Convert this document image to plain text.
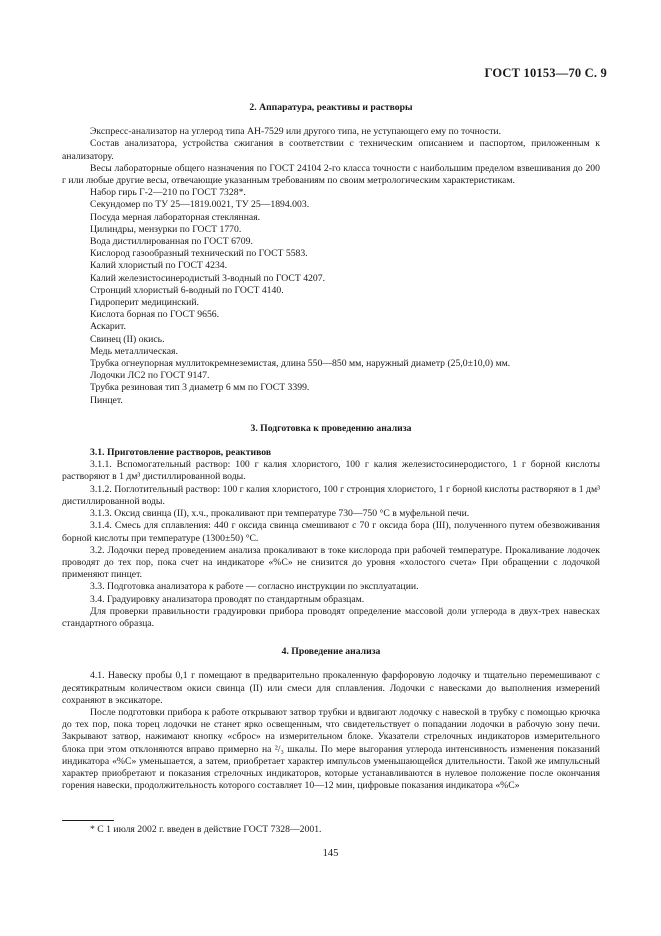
ГОСТ 10153—70 С. 9
2. Аппаратура, реактивы и растворы

Экспресс-анализатор на углерод типа АН-7529 или другого типа, не уступающего ему по точности.

Состав анализатора, устройства сжигания в соответствии с техническим описанием и паспортом, приложенным к анализатору.

Весы лабораторные общего назначения по ГОСТ 24104 2-го класса точности с наибольшим пределом взвешивания до 200 г или любые другие весы, отвечающие указанным требованиям по своим метрологическим характеристикам.

Набор гирь Г-2—210 по ГОСТ 7328*.

Секундомер по ТУ 25—1819.0021, ТУ 25—1894.003.

Посуда мерная лабораторная стеклянная.

Цилиндры, мензурки по ГОСТ 1770.

Вода дистиллированная по ГОСТ 6709.

Кислород газообразный технический по ГОСТ 5583.

Калий хлористый по ГОСТ 4234.

Калий железистосинеродистый 3-водный по ГОСТ 4207.

Стронций хлористый 6-водный по ГОСТ 4140.

Гидроперит медицинский.

Кислота борная по ГОСТ 9656.

Аскарит.

Свинец (II) окись.

Медь металлическая.

Трубка огнеупорная муллитокремнеземистая, длина 550—850 мм, наружный диаметр (25,0±10,0) мм.

Лодочки ЛС2 по ГОСТ 9147.

Трубка резиновая тип 3 диаметр 6 мм по ГОСТ 3399.

Пинцет.

3. Подготовка к проведению анализа

3.1. Приготовление растворов, реактивов

3.1.1. Вспомогательный раствор: 100 г калия хлористого, 100 г калия железистосинеродистого, 1 г борной кислоты растворяют в 1 дм³ дистиллированной воды.

3.1.2. Поглотительный раствор: 100 г калия хлористого, 100 г стронция хлористого, 1 г борной кислоты растворяют в 1 дм³ дистиллированной воды.

3.1.3. Оксид свинца (II), х.ч., прокаливают при температуре 730—750 °С в муфельной печи.

3.1.4. Смесь для сплавления: 440 г оксида свинца смешивают с 70 г оксида бора (III), полученного путем обезвоживания борной кислоты при температуре (1300±50) °С.

3.2. Лодочки перед проведением анализа прокаливают в токе кислорода при рабочей температуре. Прокаливание лодочек проводят до тех пор, пока счет на индикаторе «%С» не снизится до уровня «холостого счета» При обращении с лодочкой применяют пинцет.

3.3. Подготовка анализатора к работе — согласно инструкции по эксплуатации.

3.4. Градуировку анализатора проводят по стандартным образцам.

Для проверки правильности градуировки прибора проводят определение массовой доли углерода в двух-трех навесках стандартного образца.

4. Проведение анализа

4.1. Навеску пробы 0,1 г помещают в предварительно прокаленную фарфоровую лодочку и тщательно перемешивают с десятикратным количеством окиси свинца (II) или смеси для сплавления. Лодочки с навесками до выполнения измерений сохраняют в эксикаторе.

После подготовки прибора к работе открывают затвор трубки и вдвигают лодочку с навеской в трубку с помощью крючка до тех пор, пока торец лодочки не станет ярко освещенным, что свидетельствует о попадании лодочки в рабочую зону печи. Закрывают затвор, нажимают кнопку «сброс» на измерительном блоке. Указатели стрелочных индикаторов измерительного блока при этом отклоняются вправо примерно на ²/₃ шкалы. По мере выгорания углерода интенсивность изменения показаний индикатора «%С» уменьшается, а затем, приобретает характер импульсов уменьшающейся длительности. Такой же импульсный характер приобретают и показания стрелочных индикаторов, которые устанавливаются в нулевое положение после окончания горения навески, продолжительность которого составляет 10—12 мин, цифровые показания индикатора «%С»

* С 1 июля 2002 г. введен в действие ГОСТ 7328—2001.
145
